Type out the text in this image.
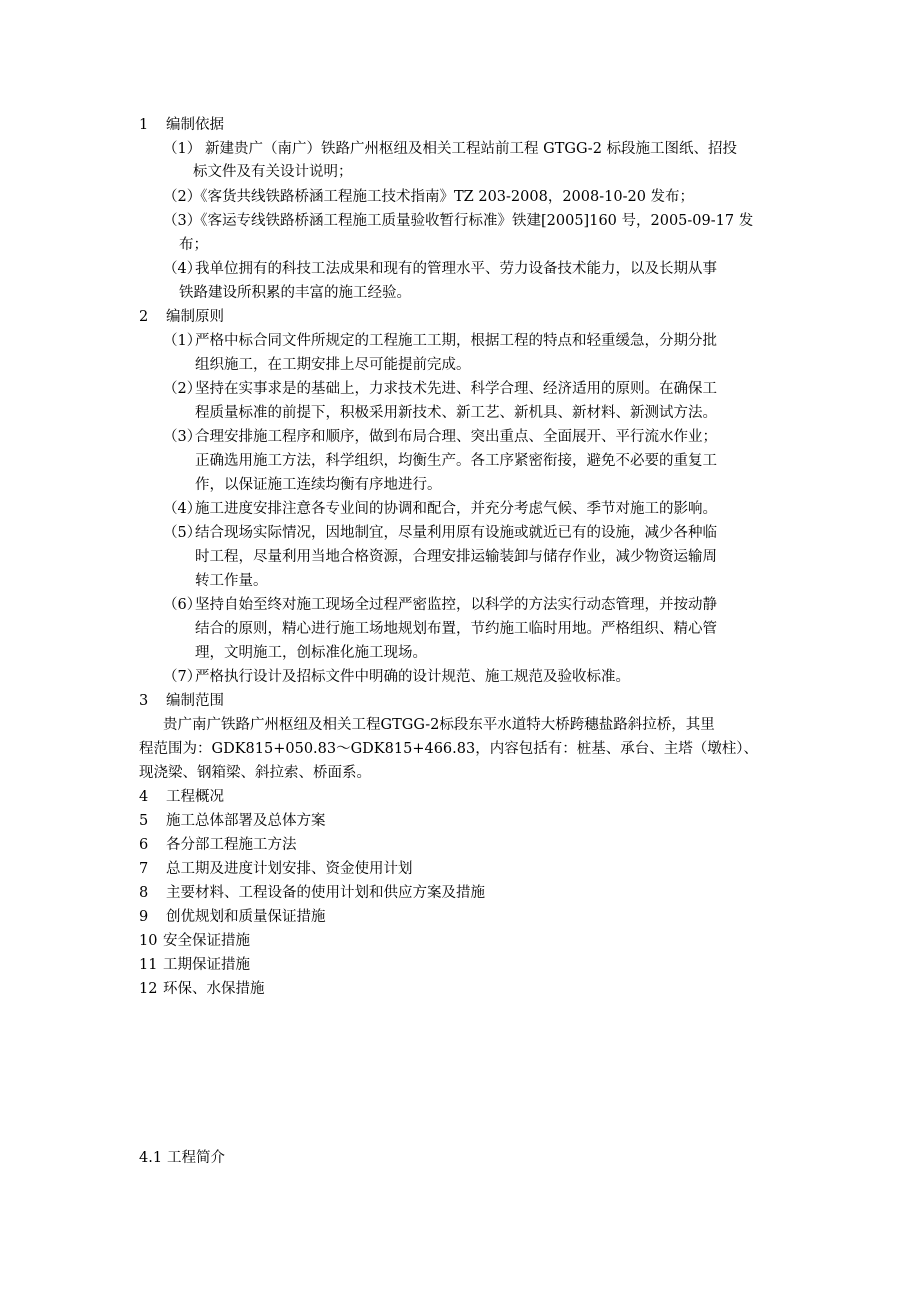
1 编制依据
（1） 新建贵广（南广）铁路广州枢纽及相关工程站前工程 GTGG-2 标段施工图纸、招投
标文件及有关设计说明；
（2）
《客货共线铁路桥涵工程施工技术指南》TZ 203-2008，2008-10-20 发布；
（3）
《客运专线铁路桥涵工程施工质量验收暂行标准》铁建[2005]160 号，2005-09-17 发
布；
（4）
我单位拥有的科技工法成果和现有的管理水平、劳力设备技术能力，以及长期从事
铁路建设所积累的丰富的施工经验。
2 编制原则
（1）
严格中标合同文件所规定的工程施工工期，根据工程的特点和轻重缓急，分期分批
组织施工，在工期安排上尽可能提前完成。
（2）
坚持在实事求是的基础上，力求技术先进、科学合理、经济适用的原则。在确保工
程质量标准的前提下，积极采用新技术、新工艺、新机具、新材料、新测试方法。
（3）
合理安排施工程序和顺序，做到布局合理、突出重点、全面展开、平行流水作业；
正确选用施工方法，科学组织，均衡生产。各工序紧密衔接，避免不必要的重复工
作，以保证施工连续均衡有序地进行。
（4）
施工进度安排注意各专业间的协调和配合，并充分考虑气候、季节对施工的影响。
（5）
结合现场实际情况，因地制宜，尽量利用原有设施或就近已有的设施，减少各种临
时工程，尽量利用当地合格资源，合理安排运输装卸与储存作业，减少物资运输周
转工作量。
（6）
坚持自始至终对施工现场全过程严密监控，以科学的方法实行动态管理，并按动静
结合的原则，精心进行施工场地规划布置，节约施工临时用地。严格组织、精心管
理，文明施工，创标准化施工现场。
（7）
严格执行设计及招标文件中明确的设计规范、施工规范及验收标准。
3 编制范围
贵广南广铁路广州枢纽及相关工程GTGG-2标段东平水道特大桥跨穗盐路斜拉桥，其里
程范围为：GDK815+050.83～GDK815+466.83，内容包括有：桩基、承台、主塔（墩柱）、
现浇梁、钢箱梁、斜拉索、桥面系。
4 工程概况
5 施工总体部署及总体方案
6 各分部工程施工方法
7 总工期及进度计划安排、资金使用计划
8 主要材料、工程设备的使用计划和供应方案及措施
9 创优规划和质量保证措施
10 安全保证措施
11 工期保证措施
12 环保、水保措施
4.1 工程简介
